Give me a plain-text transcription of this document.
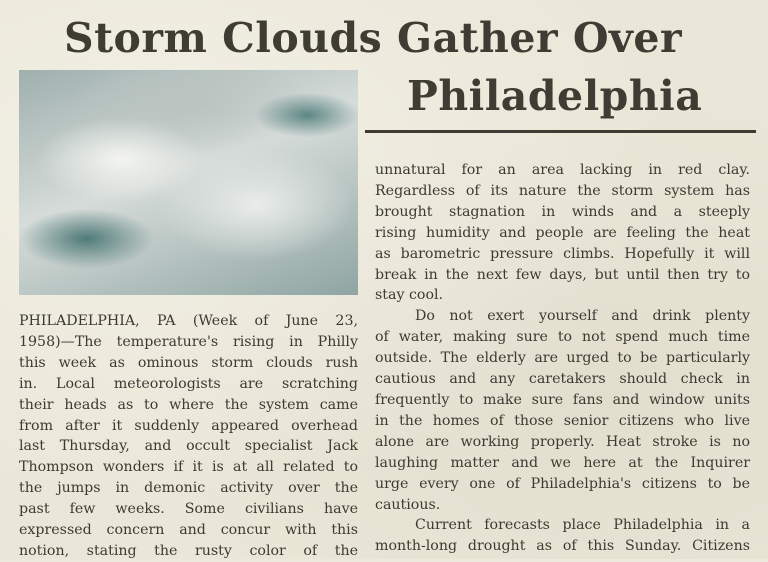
Storm Clouds Gather Over
Philadelphia
PHILADELPHIA, PA (Week of June 23,
1958)—The temperature's rising in Philly
this week as ominous storm clouds rush
in. Local meteorologists are scratching
their heads as to where the system came
from after it suddenly appeared overhead
last Thursday, and occult specialist Jack
Thompson wonders if it is at all related to
the jumps in demonic activity over the
past few weeks. Some civilians have
expressed concern and concur with this
notion, stating the rusty color of the
unnatural for an area lacking in red clay.
Regardless of its nature the storm system has
brought stagnation in winds and a steeply
rising humidity and people are feeling the heat
as barometric pressure climbs. Hopefully it will
break in the next few days, but until then try to
stay cool.
Do not exert yourself and drink plenty
of water, making sure to not spend much time
outside. The elderly are urged to be particularly
cautious and any caretakers should check in
frequently to make sure fans and window units
in the homes of those senior citizens who live
alone are working properly. Heat stroke is no
laughing matter and we here at the Inquirer
urge every one of Philadelphia's citizens to be
cautious.
Current forecasts place Philadelphia in a
month-long drought as of this Sunday. Citizens
